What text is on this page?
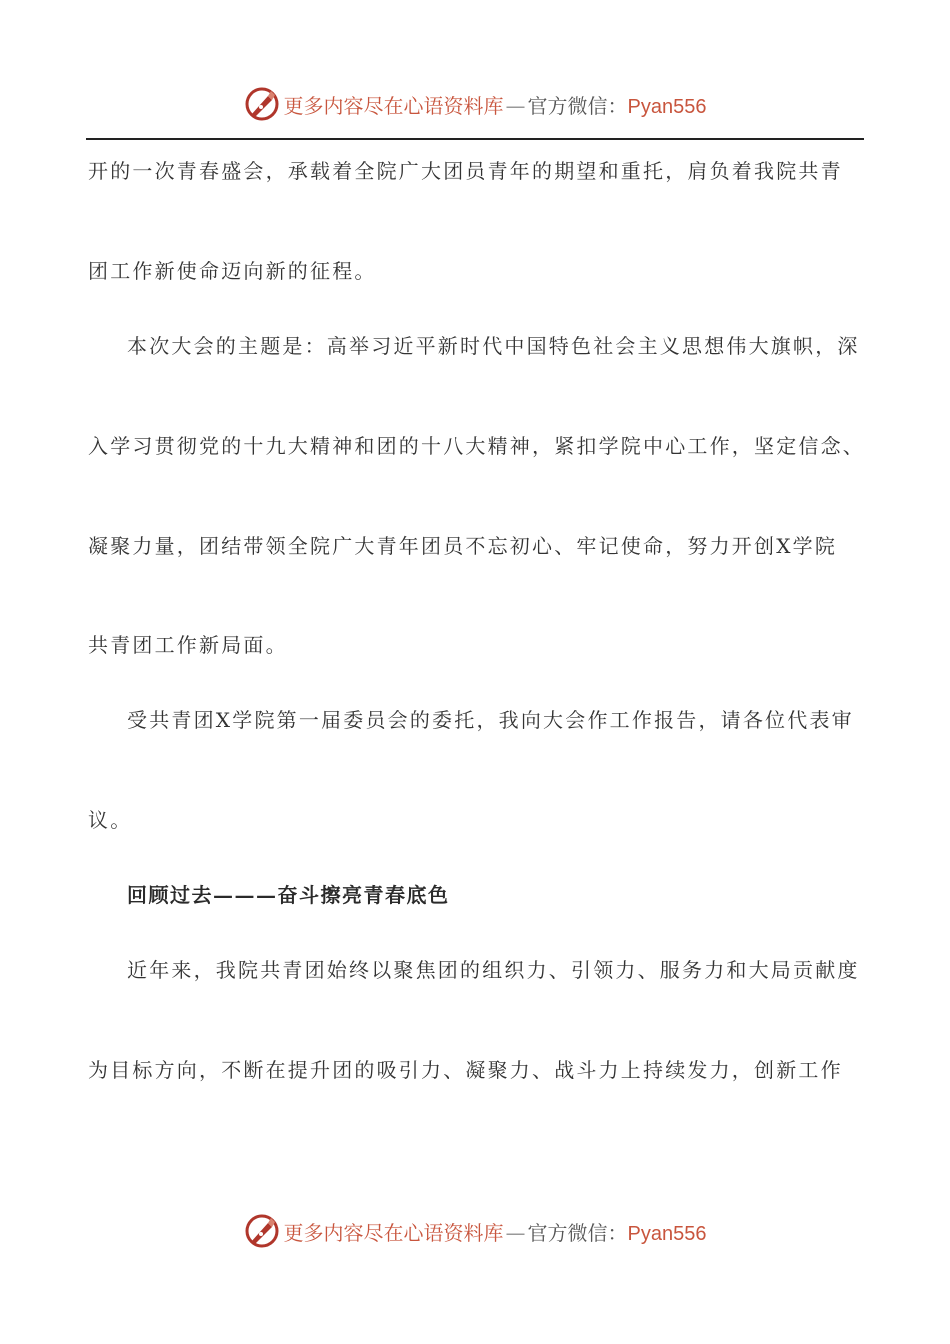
更多内容尽在心语资料库 — 官方微信： Pyan556
开的一次青春盛会，承载着全院广大团员青年的期望和重托，肩负着我院共青
团工作新使命迈向新的征程。
本次大会的主题是：高举习近平新时代中国特色社会主义思想伟大旗帜，深
入学习贯彻党的十九大精神和团的十八大精神，紧扣学院中心工作，坚定信念、
凝聚力量，团结带领全院广大青年团员不忘初心、牢记使命，努力开创X学院
共青团工作新局面。
受共青团X学院第一届委员会的委托，我向大会作工作报告，请各位代表审
议。
回顾过去———奋斗擦亮青春底色
近年来，我院共青团始终以聚焦团的组织力、引领力、服务力和大局贡献度
为目标方向，不断在提升团的吸引力、凝聚力、战斗力上持续发力，创新工作
更多内容尽在心语资料库 — 官方微信： Pyan556
